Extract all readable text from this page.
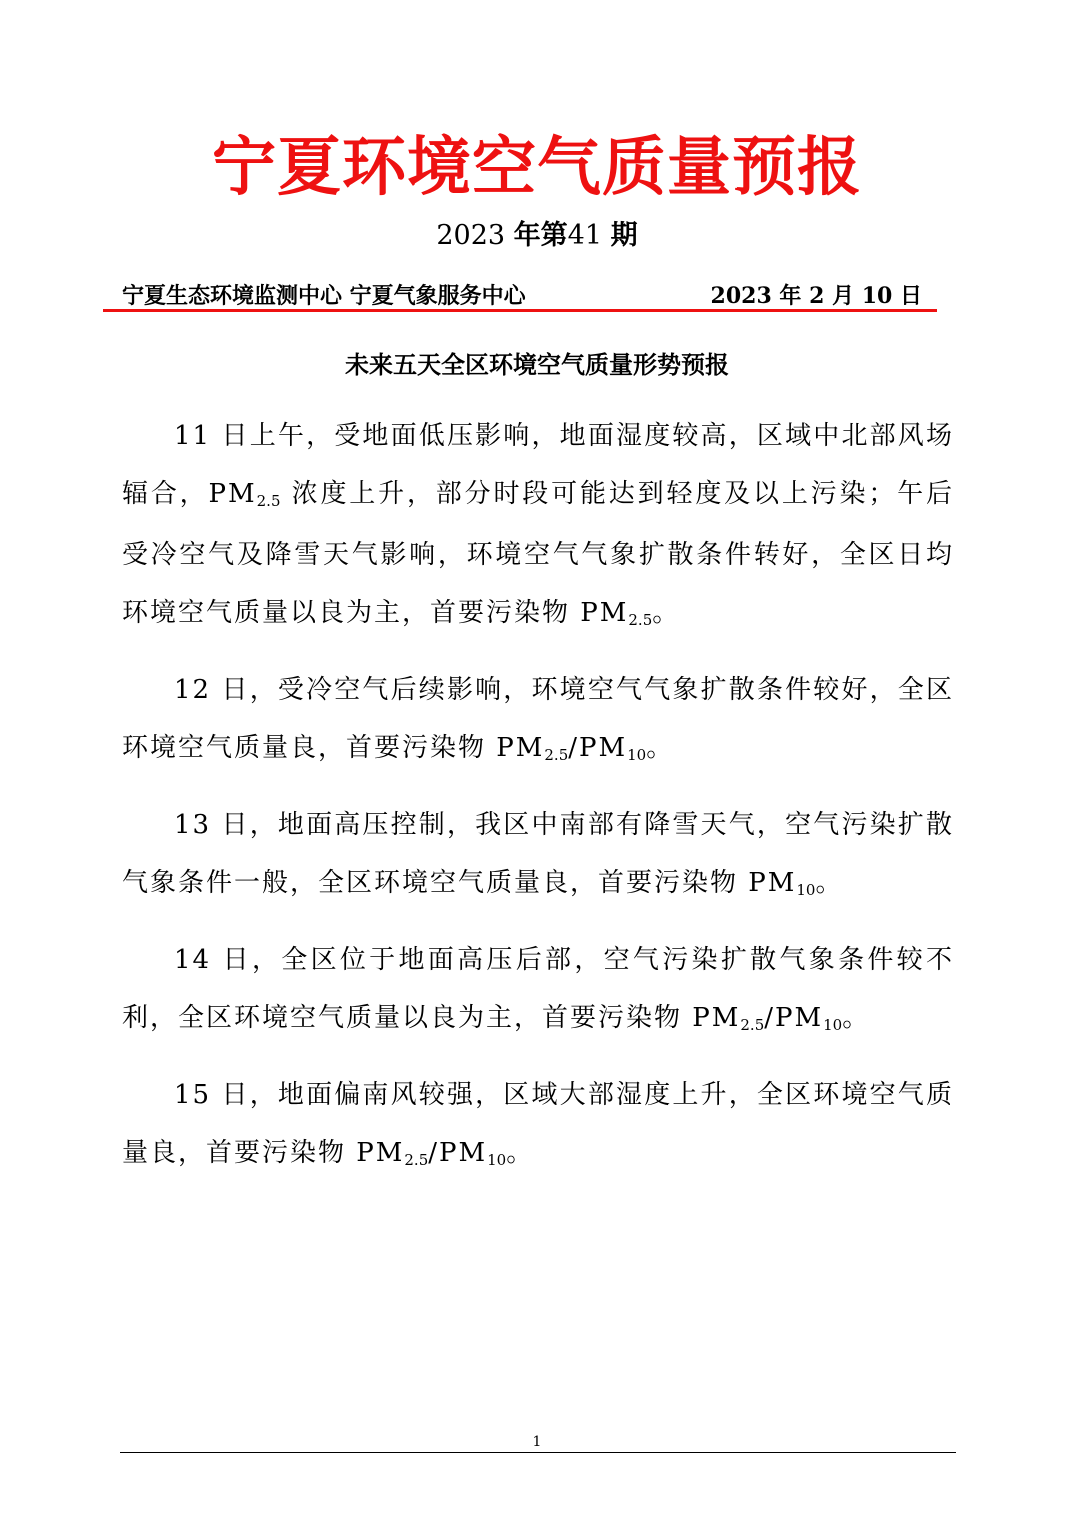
宁夏环境空气质量预报
2023 年第41 期
宁夏生态环境监测中心 宁夏气象服务中心	2023 年 2 月 10 日
未来五天全区环境空气质量形势预报

11 日上午，受地面低压影响，地面湿度较高，区域中北部风场辐合，$PM_{2.5}$ 浓度上升，部分时段可能达到轻度及以上污染；午后受冷空气及降雪天气影响，环境空气气象扩散条件转好，全区日均环境空气质量以良为主，首要污染物 $PM_{2.5}$。

12 日，受冷空气后续影响，环境空气气象扩散条件较好，全区环境空气质量良，首要污染物 $PM_{2.5}/PM_{10}$。

13 日，地面高压控制，我区中南部有降雪天气，空气污染扩散气象条件一般，全区环境空气质量良，首要污染物 $PM_{10}$。

14 日，全区位于地面高压后部，空气污染扩散气象条件较不利，全区环境空气质量以良为主，首要污染物 $PM_{2.5}/PM_{10}$。

15 日，地面偏南风较强，区域大部湿度上升，全区环境空气质量良，首要污染物 $PM_{2.5}/PM_{10}$。

1
